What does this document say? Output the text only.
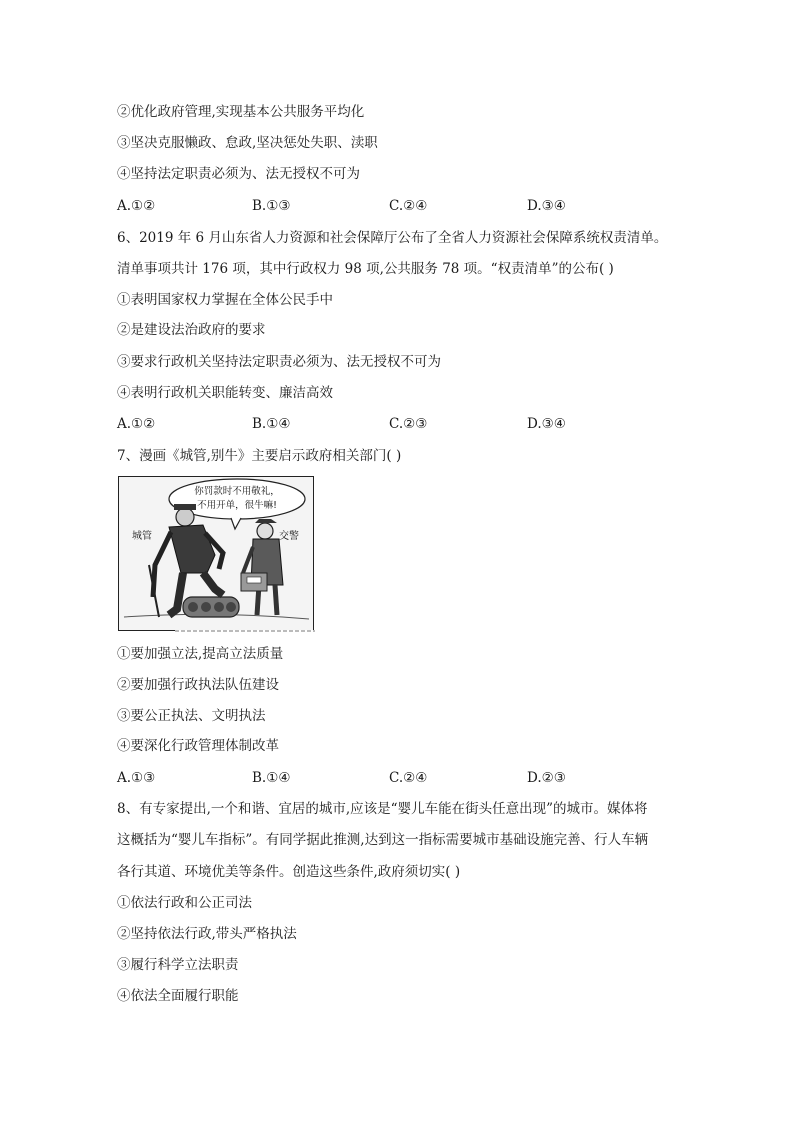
②优化政府管理,实现基本公共服务平均化
③坚决克服懒政、怠政,坚决惩处失职、渎职
④坚持法定职责必须为、法无授权不可为
A.①②	B.①③	C.②④	D.③④
6、2019 年 6 月山东省人力资源和社会保障厅公布了全省人力资源社会保障系统权责清单。
清单事项共计 176 项，其中行政权力 98 项,公共服务 78 项。“权责清单”的公布( )
①表明国家权力掌握在全体公民手中
②是建设法治政府的要求
③要求行政机关坚持法定职责必须为、法无授权不可为
④表明行政机关职能转变、廉洁高效
A.①②	B.①④	C.②③	D.③④
7、漫画《城管,别牛》主要启示政府相关部门( )
你罚款时不用敬礼，
不用开单，很牛嘛!
城管	交警
①要加强立法,提高立法质量
②要加强行政执法队伍建设
③要公正执法、文明执法
④要深化行政管理体制改革
A.①③	B.①④	C.②④	D.②③
8、有专家提出,一个和谐、宜居的城市,应该是“婴儿车能在街头任意出现”的城市。媒体将
这概括为“婴儿车指标”。有同学据此推测,达到这一指标需要城市基础设施完善、行人车辆
各行其道、环境优美等条件。创造这些条件,政府须切实( )
①依法行政和公正司法
②坚持依法行政,带头严格执法
③履行科学立法职责
④依法全面履行职能
